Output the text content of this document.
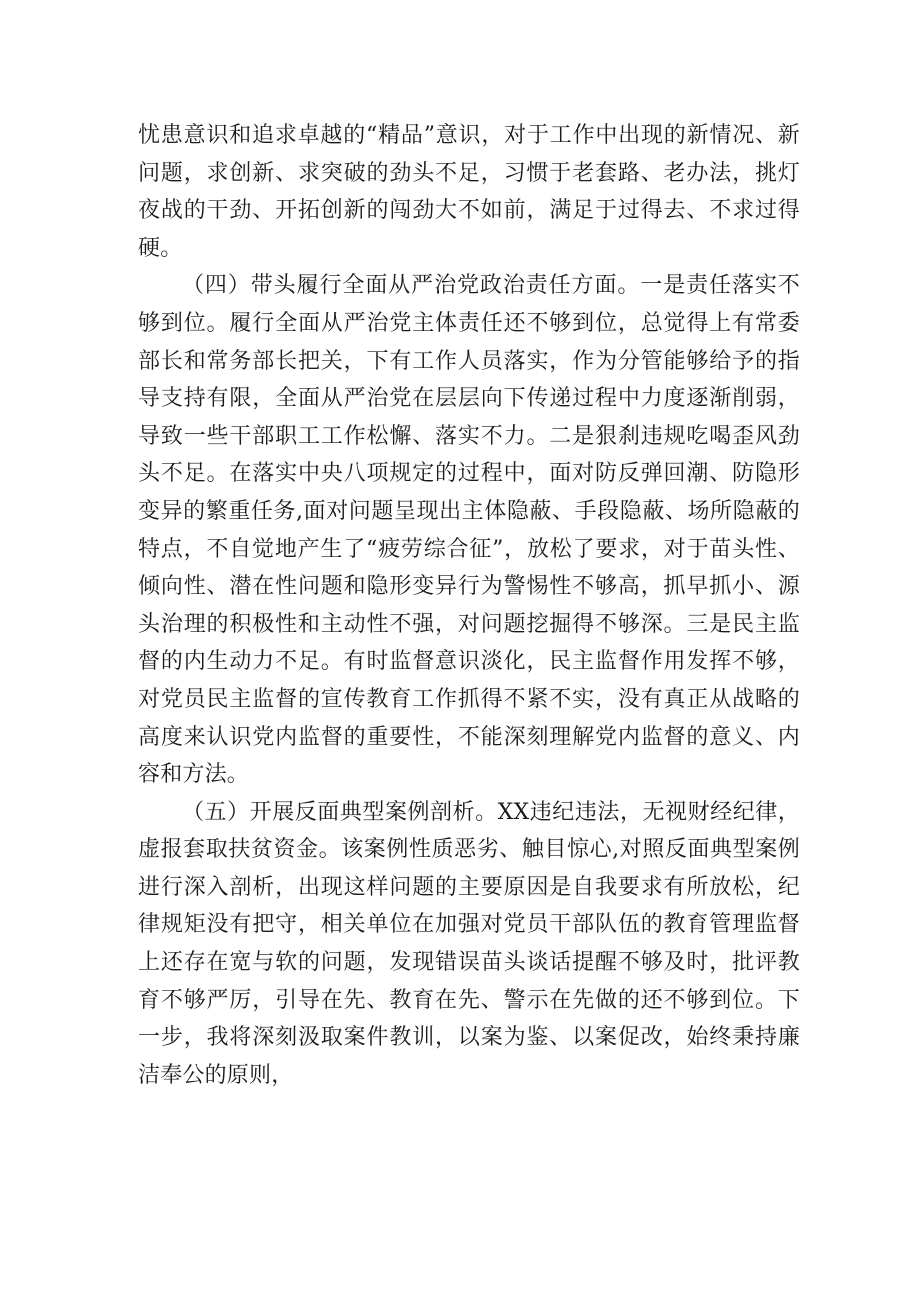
忧患意识和追求卓越的“精品”意识，对于工作中出现的新情况、新问题，求创新、求突破的劲头不足，习惯于老套路、老办法，挑灯夜战的干劲、开拓创新的闯劲大不如前，满足于过得去、不求过得硬。

（四）带头履行全面从严治党政治责任方面。一是责任落实不够到位。履行全面从严治党主体责任还不够到位，总觉得上有常委部长和常务部长把关，下有工作人员落实，作为分管能够给予的指导支持有限，全面从严治党在层层向下传递过程中力度逐渐削弱，导致一些干部职工工作松懈、落实不力。二是狠刹违规吃喝歪风劲头不足。在落实中央八项规定的过程中，面对防反弹回潮、防隐形变异的繁重任务,面对问题呈现出主体隐蔽、手段隐蔽、场所隐蔽的特点，不自觉地产生了“疲劳综合征”，放松了要求，对于苗头性、倾向性、潜在性问题和隐形变异行为警惕性不够高，抓早抓小、源头治理的积极性和主动性不强，对问题挖掘得不够深。三是民主监督的内生动力不足。有时监督意识淡化，民主监督作用发挥不够，对党员民主监督的宣传教育工作抓得不紧不实，没有真正从战略的高度来认识党内监督的重要性，不能深刻理解党内监督的意义、内容和方法。

（五）开展反面典型案例剖析。XX违纪违法，无视财经纪律，虚报套取扶贫资金。该案例性质恶劣、触目惊心,对照反面典型案例进行深入剖析，出现这样问题的主要原因是自我要求有所放松，纪律规矩没有把守，相关单位在加强对党员干部队伍的教育管理监督上还存在宽与软的问题，发现错误苗头谈话提醒不够及时，批评教育不够严厉，引导在先、教育在先、警示在先做的还不够到位。下一步，我将深刻汲取案件教训，以案为鉴、以案促改，始终秉持廉洁奉公的原则，
